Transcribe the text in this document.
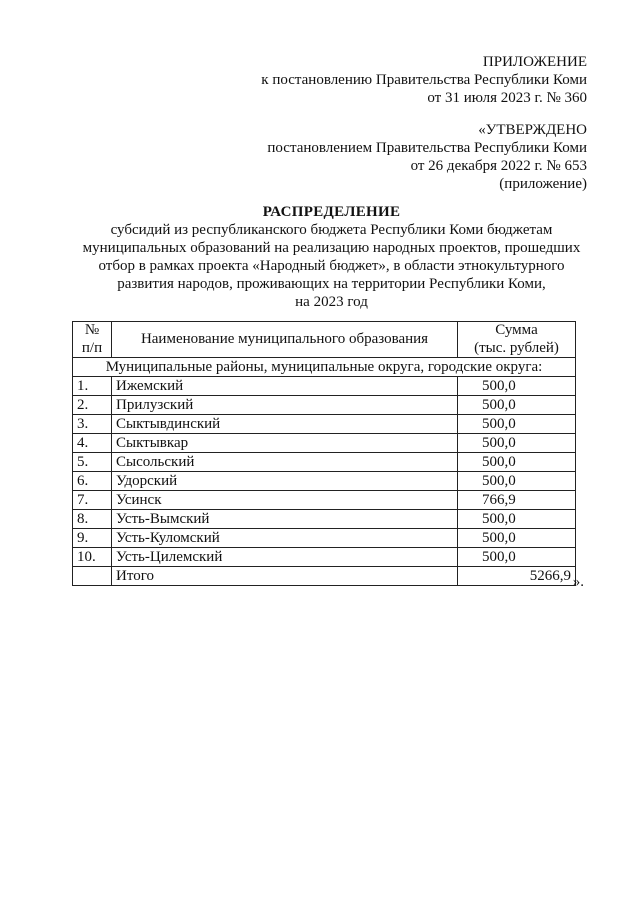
ПРИЛОЖЕНИЕ
к постановлению Правительства Республики Коми
от 31 июля 2023 г. № 360
«УТВЕРЖДЕНО
постановлением Правительства Республики Коми
от 26 декабря 2022 г. № 653
(приложение)
РАСПРЕДЕЛЕНИЕ
субсидий из республиканского бюджета Республики Коми бюджетам
муниципальных образований на реализацию народных проектов, прошедших
отбор в рамках проекта «Народный бюджет», в области этнокультурного
развития народов, проживающих на территории Республики Коми,
на 2023 год
№
п/п	Наименование муниципального образования	Сумма
(тыс. рублей)
Муниципальные районы, муниципальные округа, городские округа:		
1.	Ижемский	500,0
2.	Прилузский	500,0
3.	Сыктывдинский	500,0
4.	Сыктывкар	500,0
5.	Сысольский	500,0
6.	Удорский	500,0
7.	Усинск	766,9
8.	Усть-Вымский	500,0
9.	Усть-Куломский	500,0
10.	Усть-Цилемский	500,0
	Итого	5266,9 ».
